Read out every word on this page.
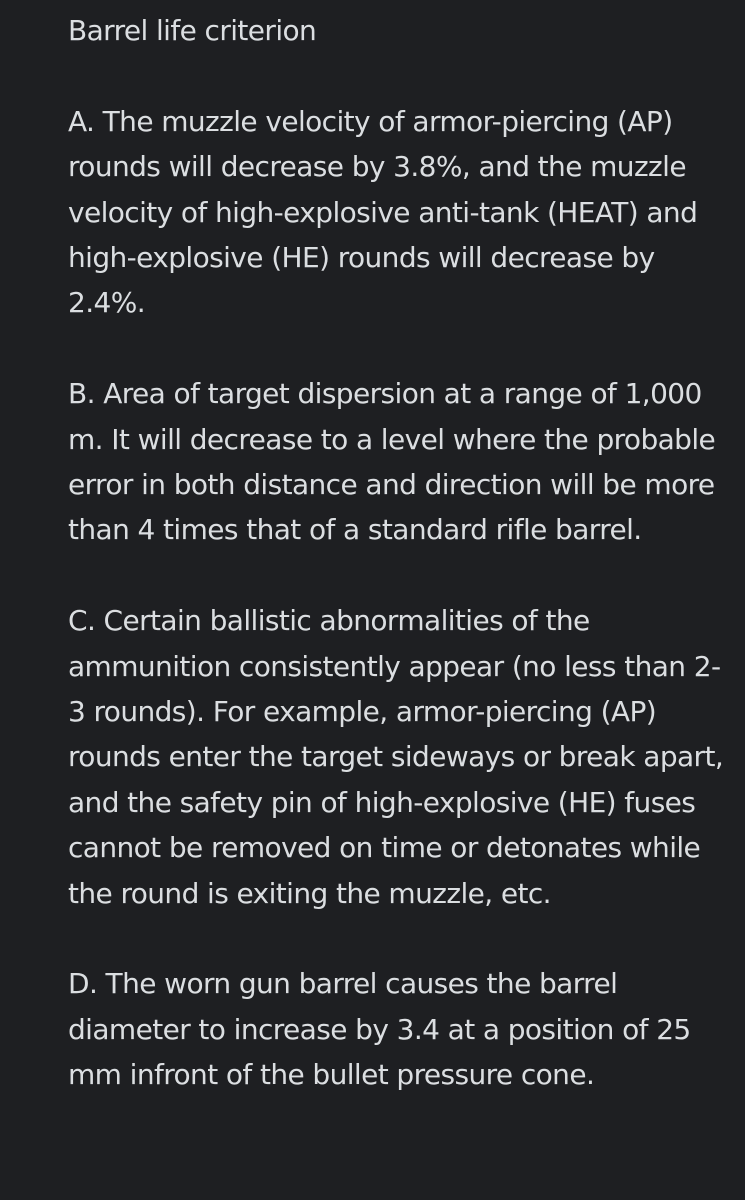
Barrel life criterion

A. The muzzle velocity of armor-piercing (AP) rounds will decrease by 3.8%, and the muzzle velocity of high-explosive anti-tank (HEAT) and high-explosive (HE) rounds will decrease by 2.4%.

B. Area of target dispersion at a range of 1,000 m. It will decrease to a level where the probable error in both distance and direction will be more than 4 times that of a standard rifle barrel.

C. Certain ballistic abnormalities of the ammunition consistently appear (no less than 2-3 rounds). For example, armor-piercing (AP) rounds enter the target sideways or break apart, and the safety pin of high-explosive (HE) fuses cannot be removed on time or detonates while the round is exiting the muzzle, etc.

D. The worn gun barrel causes the barrel diameter to increase by 3.4 at a position of 25 mm infront of the bullet pressure cone.
